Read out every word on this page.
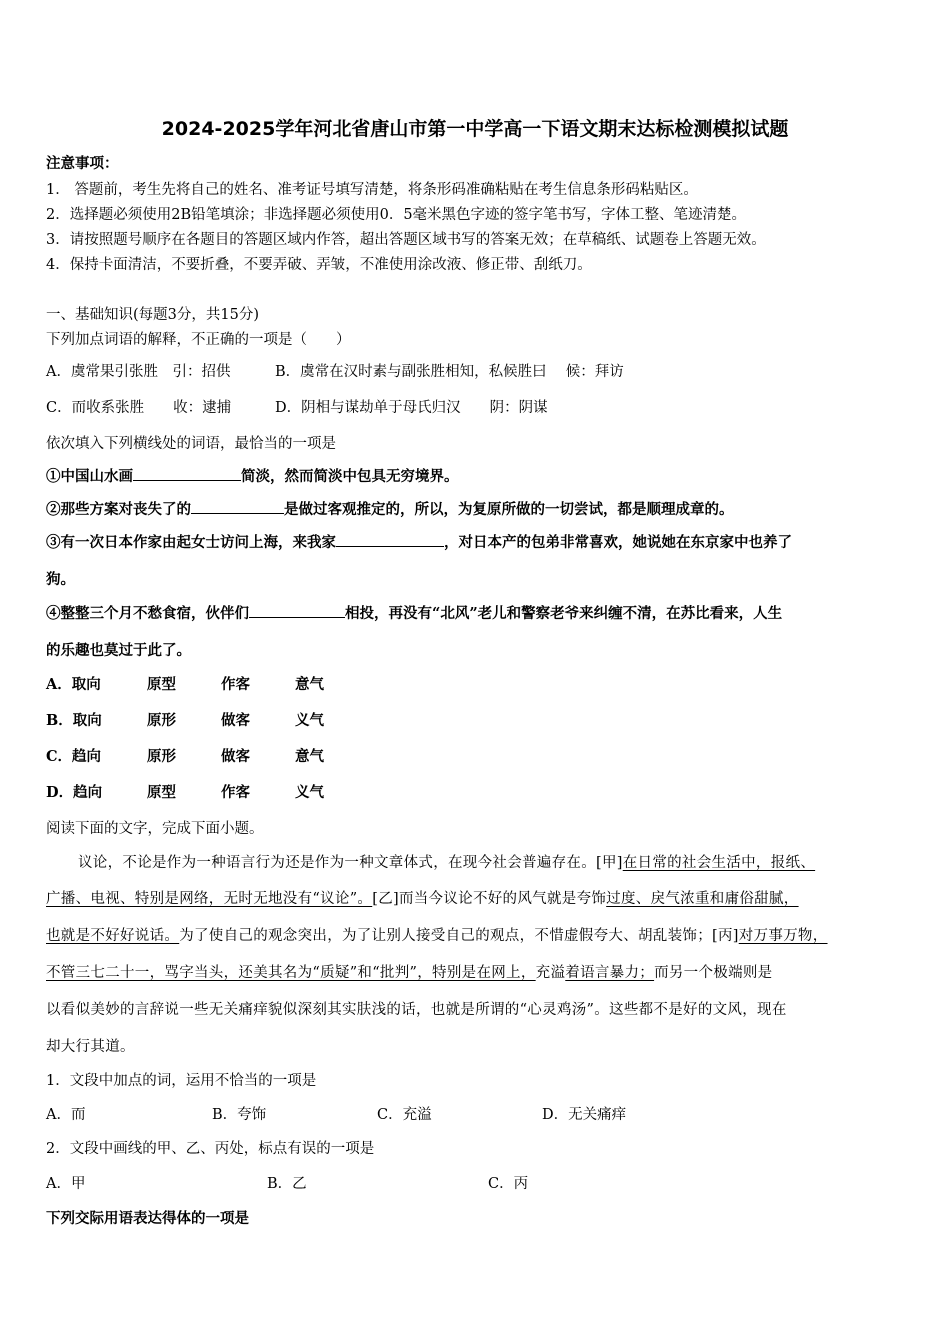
2024-2025学年河北省唐山市第一中学高一下语文期末达标检测模拟试题
注意事项：
1． 答题前，考生先将自己的姓名、准考证号填写清楚，将条形码准确粘贴在考生信息条形码粘贴区。
2．选择题必须使用2B铅笔填涂；非选择题必须使用0．5毫米黑色字迹的签字笔书写，字体工整、笔迹清楚。
3．请按照题号顺序在各题目的答题区域内作答，超出答题区域书写的答案无效；在草稿纸、试题卷上答题无效。
4．保持卡面清洁，不要折叠，不要弄破、弄皱，不准使用涂改液、修正带、刮纸刀。
一、基础知识(每题3分，共15分)
下列加点词语的解释，不正确的一项是（　　）
A．虞常果引张胜　引：招供	B．虞常在汉时素与副张胜相知，私候胜曰　 候：拜访
C．而收系张胜　　收：逮捕	D．阴相与谋劫单于母氏归汉　　阴：阴谋
依次填入下列横线处的词语，最恰当的一项是
①中国山水画	简淡，然而简淡中包具无穷境界。
②那些方案对丧失了的	是做过客观推定的，所以，为复原所做的一切尝试，都是顺理成章的。
③有一次日本作家由起女士访问上海，来我家	，对日本产的包弟非常喜欢，她说她在东京家中也养了
狗。
④整整三个月不愁食宿，伙伴们	相投，再没有“北风”老儿和警察老爷来纠缠不清，在苏比看来，人生
的乐趣也莫过于此了。
A．取向	原型	作客	意气
B．取向	原形	做客	义气
C．趋向	原形	做客	意气
D．趋向	原型	作客	义气
阅读下面的文字，完成下面小题。
议论，不论是作为一种语言行为还是作为一种文章体式，在现今社会普遍存在。[甲]在日常的社会生活中，报纸、
广播、电视、特别是网络，无时无地没有“议论”。[乙]而当今议论不好的风气就是夸饰过度、戾气浓重和庸俗甜腻，
也就是不好好说话。为了使自己的观念突出，为了让别人接受自己的观点，不惜虚假夸大、胡乱装饰；[丙]对万事万物，
不管三七二十一，骂字当头，还美其名为“质疑”和“批判”，特别是在网上，充溢着语言暴力；而另一个极端则是
以看似美妙的言辞说一些无关痛痒貌似深刻其实肤浅的话，也就是所谓的“心灵鸡汤”。这些都不是好的文风，现在
却大行其道。
1．文段中加点的词，运用不恰当的一项是
A．而	B．夸饰	C．充溢	D．无关痛痒
2．文段中画线的甲、乙、丙处，标点有误的一项是
A．甲	B．乙	C．丙
下列交际用语表达得体的一项是
